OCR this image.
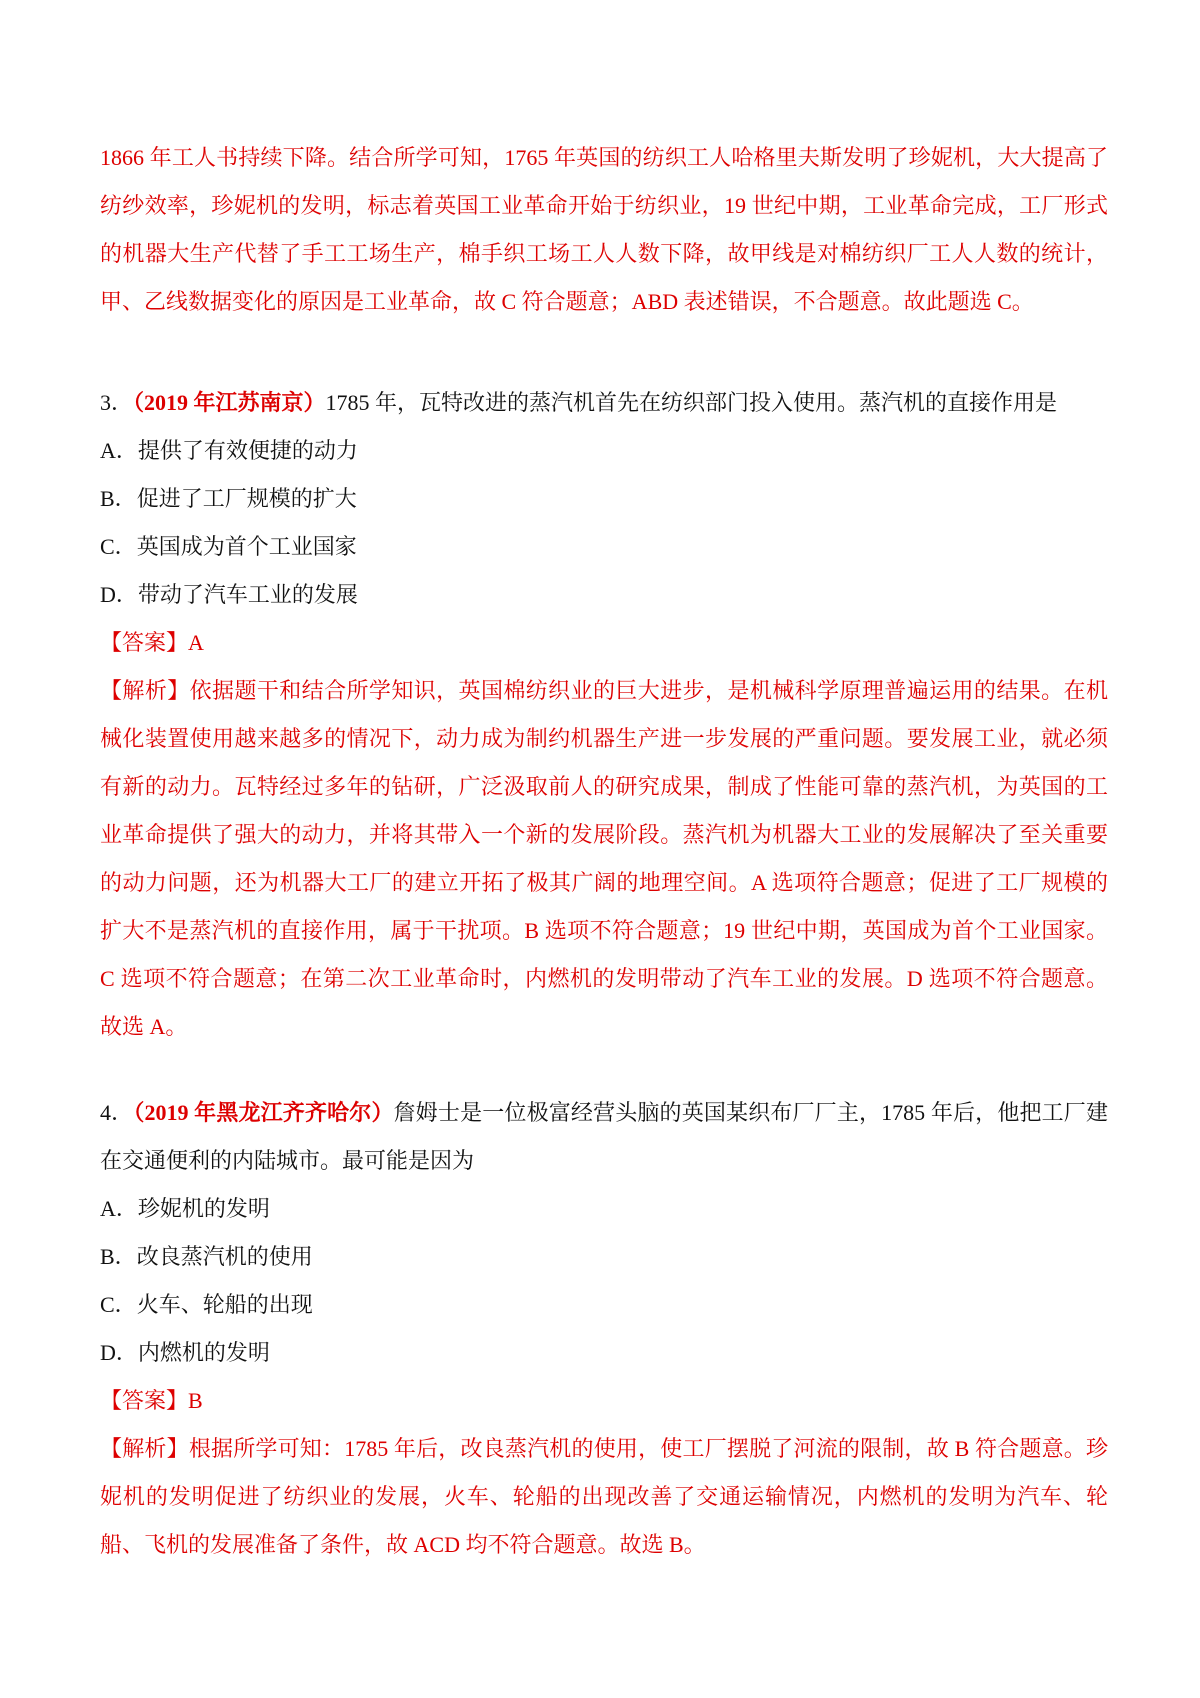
1866 年工人书持续下降。结合所学可知，1765 年英国的纺织工人哈格里夫斯发明了珍妮机，大大提高了纺纱效率，珍妮机的发明，标志着英国工业革命开始于纺织业，19 世纪中期，工业革命完成，工厂形式的机器大生产代替了手工工场生产，棉手织工场工人人数下降，故甲线是对棉纺织厂工人人数的统计，甲、乙线数据变化的原因是工业革命，故 C 符合题意；ABD 表述错误，不合题意。故此题选 C。

3．（2019 年江苏南京）1785 年，瓦特改进的蒸汽机首先在纺织部门投入使用。蒸汽机的直接作用是

A．提供了有效便捷的动力

B．促进了工厂规模的扩大

C．英国成为首个工业国家

D．带动了汽车工业的发展

【答案】A

【解析】依据题干和结合所学知识，英国棉纺织业的巨大进步，是机械科学原理普遍运用的结果。在机械化装置使用越来越多的情况下，动力成为制约机器生产进一步发展的严重问题。要发展工业，就必须有新的动力。瓦特经过多年的钻研，广泛汲取前人的研究成果，制成了性能可靠的蒸汽机，为英国的工业革命提供了强大的动力，并将其带入一个新的发展阶段。蒸汽机为机器大工业的发展解决了至关重要的动力问题，还为机器大工厂的建立开拓了极其广阔的地理空间。A 选项符合题意；促进了工厂规模的扩大不是蒸汽机的直接作用，属于干扰项。B 选项不符合题意；19 世纪中期，英国成为首个工业国家。C 选项不符合题意；在第二次工业革命时，内燃机的发明带动了汽车工业的发展。D 选项不符合题意。故选 A。

4．（2019 年黑龙江齐齐哈尔）詹姆士是一位极富经营头脑的英国某织布厂厂主，1785 年后，他把工厂建在交通便利的内陆城市。最可能是因为

A．珍妮机的发明

B．改良蒸汽机的使用

C．火车、轮船的出现

D．内燃机的发明

【答案】B

【解析】根据所学可知：1785 年后，改良蒸汽机的使用，使工厂摆脱了河流的限制，故 B 符合题意。珍妮机的发明促进了纺织业的发展，火车、轮船的出现改善了交通运输情况，内燃机的发明为汽车、轮船、飞机的发展准备了条件，故 ACD 均不符合题意。故选 B。
